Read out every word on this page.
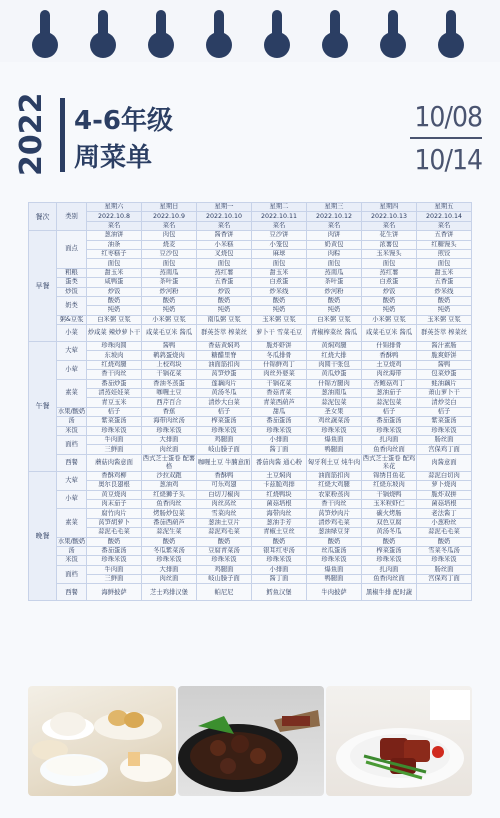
2022 4-6年级
周菜单
10/08
10/14
餐次	类别	星期六	星期日	星期一	星期二	星期三	星期四	星期五
		2022.10.8	2022.10.9	2022.10.10	2022.10.11	2022.10.12	2022.10.13	2022.10.14
		菜名	菜名	菜名	菜名	菜名	菜名	菜名
早餐	面点	葱油饼	肉包	酱香饼	豆沙饼	肉饼	花生饼	五香饼
		油条	烧麦	小米糕	小笼包	奶黄包	浓薯包	红糖馒头
		红枣糕子	豆沙包	叉烧包	麻球	肉粽	玉米馒头	煎饺
		面包	面包	面包	面包	面包	面包	面包
	粗粮	甜玉米	蒸南瓜	蒸红薯	甜玉米	蒸南瓜	蒸红薯	甜玉米
	蛋类	咸鸭蛋	茶叶蛋	五香蛋	白煮蛋	茶叶蛋	白煮蛋	五香蛋
	炒饭	炒饭	炒河粉	炒饭	炒米线	炒河粉	炒饭	炒米线
	奶类	酸奶	酸奶	酸奶	酸奶	酸奶	酸奶	酸奶
		纯奶	纯奶	纯奶	纯奶	纯奶	纯奶	纯奶
	粥&豆浆	白米粥 豆浆	小米粥 豆浆	南瓜粥 豆浆	玉米粥 豆浆	白米粥 豆浆	小米粥 豆浆	玉米粥 豆浆
	小菜	炒咸菜 辣炒萝卜干	咸菜毛豆米 酱瓜	群英荟萃 榨菜丝	萝卜干 雪菜毛豆	青椒榨菜丝 酱瓜	咸菜毛豆米 酱瓜	群英荟萃 榨菜丝
午餐	大荤	珍珠肉圆	酱鸭	香菇黄焖鸡	脆炸虾饼	黄焖鸡腿	什锦排骨	酱汁素肠
		东坡肉	鹌鹑蛋烧肉	糖醋里脊	冬瓜排骨	红烧大排	香酥鸭	脆爽虾饼
	小荤	红烧鸡腿	上校鸡块	油面筋扣肉	什锦鲜鸡丁	肉圆干张包	土豆烧鸡	酱鸭
		香干肉丝	干锅花菜	莴笋炒蛋	肉丝外婆菜	黄瓜炒蛋	肉丝海带	包菜炒蛋
	素菜	番茄炒蛋	香油冬蒸蛋	莲藕肉片	干锅花菜	什锦方腿肉	杏鲍菇鸡丁	蚝油藕片
		清蒸娃娃菜	咖喱土豆	黄汤冬瓜	香菇青菜	葱油南瓜	葱油茄子	萧山萝卜干
		青豆玉米	西芹百合	清炒大白菜	青菜西葫芦	蒜泥包菜	蒜泥包菜	清炒茭白
	水果/酸奶	桔子	香蕉	桔子	甜瓜	圣女果	桔子	桔子
	汤	紫菜蛋汤	海带肉丝汤	榨菜蛋汤	番茄蛋汤	鸡丝蔬菜汤	番茄蛋汤	紫菜蛋汤
	米饭	珍珠米饭	珍珠米饭	珍珠米饭	珍珠米饭	珍珠米饭	珍珠米饭	珍珠米饭
	面档	牛肉面	大排面	鸡腿面	小排面	爆鱼面	扎肉面	肠丝面
		三鲜面	肉丝面	岐山臊子面	酱丁面	鸭腿面	鱼香肉丝面	宫保鸡丁面
	西餐	蘑菇肉酱意面	西式芝士蛋卷 配薯格	咖喱土豆 牛腩意面	番茄肉酱 通心粉	匈牙利土豆 炖牛肉	西式芝士蛋卷 配鸡米花	肉酱意面
晚餐	大荤	香酥鸡柳	沙拉双跑	香酥鸭	土豆焖肉	油面筋扣肉	锦绣目鱼花	蒜泥白切肉
		奥尔良翅根	葱油鸡	可乐鸡翅	卡兹脆鸡排	红烧大鸡腿	红烧东坡肉	萝卜烧肉
	小荤	黄豆烧肉	红烧狮子头	白切刀椒肉	红烧鸭块	农家粉蒸肉	干锅烧鸭	脆炸双拼
		肉末茄子	鱼香肉丝	肉丝莴丝	菌菇培根	香干肉丝	玉米粒虾仁	菌菇培根
	素菜	腐竹肉片	烤肠炒包菜	雪菜肉丝	海带肉丝	莴笋炒肉片	碳火烤肠	老法酱丁
		莴笋胡萝卜	番茄西葫芦	葱油土豆片	葱油手芳	清炒鸡毛菜	双色豆腐	小葱粉丝
		蒜泥毛毛菜	蒜泥生菜	蒜泥鸡毛菜	青椒土豆丝	葱油绿豆芽	黄汤冬瓜	蒜泥毛毛菜
	水果/酸奶	酸奶	酸奶	酸奶	酸奶	酸奶	酸奶	酸奶
	汤	番茄蛋汤	冬瓜紫菜汤	豆腐青菜汤	银耳红枣汤	丝瓜蛋汤	榨菜蛋汤	雪菜冬瓜汤
	米饭	珍珠米饭	珍珠米饭	珍珠米饭	珍珠米饭	珍珠米饭	珍珠米饭	珍珠米饭
	面档	牛肉面	大排面	鸡腿面	小排面	爆鱼面	扎肉面	肠丝面
		三鲜面	肉丝面	岐山臊子面	酱丁面	鸭腿面	鱼香肉丝面	宫保鸡丁面
	西餐	海鲜披萨	芝士鸡排汉堡	帕尼尼	鳕鱼汉堡	牛肉披萨	黑椒牛排 配时蔬	
